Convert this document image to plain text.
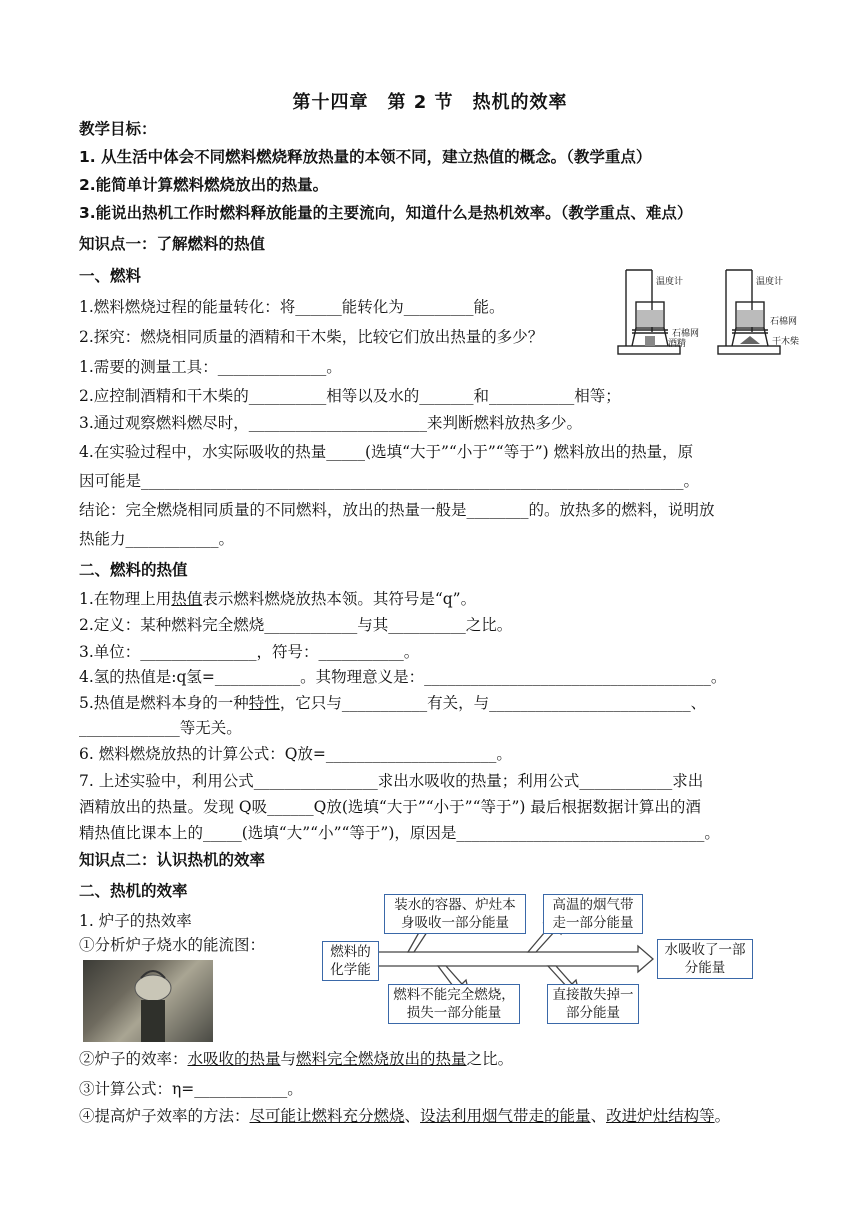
第十四章　第 2 节　热机的效率
教学目标：
1. 从生活中体会不同燃料燃烧释放热量的本领不同，建立热值的概念。（教学重点）
2.能简单计算燃料燃烧放出的热量。
3.能说出热机工作时燃料释放能量的主要流向，知道什么是热机效率。（教学重点、难点）
知识点一：了解燃料的热值
一、燃料
1.燃料燃烧过程的能量转化：将______能转化为_________能。
2.探究：燃烧相同质量的酒精和干木柴，比较它们放出热量的多少？
1.需要的测量工具：______________。
2.应控制酒精和干木柴的__________相等以及水的_______和___________相等；
3.通过观察燃料燃尽时，_______________________来判断燃料放热多少。
4.在实验过程中，水实际吸收的热量_____(选填“大于”“小于”“等于”) 燃料放出的热量，原
因可能是______________________________________________________________________。
结论：完全燃烧相同质量的不同燃料，放出的热量一般是________的。放热多的燃料，说明放
热能力____________。
温度计	温度计
石棉网
石棉网
酒精	干木柴
二、燃料的热值
1.在物理上用热值表示燃料燃烧放热本领。其符号是“q”。
2.定义：某种燃料完全燃烧____________与其__________之比。
3.单位：_______________，符号：___________。
4.氢的热值是:q氢=___________。其物理意义是：_____________________________________。
5.热值是燃料本身的一种特性，它只与___________有关，与__________________________、
_____________等无关。
6. 燃料燃烧放热的计算公式：Q放=______________________。
7. 上述实验中，利用公式________________求出水吸收的热量；利用公式____________求出
酒精放出的热量。发现 Q吸______Q放(选填“大于”“小于”“等于”) 最后根据数据计算出的酒
精热值比课本上的_____(选填“大”“小”“等于”)，原因是________________________________。
知识点二：认识热机的效率
二、热机的效率
1. 炉子的热效率
①分析炉子烧水的能流图：	燃料的化学能
装水的容器、炉灶本身吸收一部分能量
高温的烟气带走一部分能量
水吸收了一部分能量
燃料不能完全燃烧，损失一部分能量
直接散失掉一部分能量
②炉子的效率：水吸收的热量与燃料完全燃烧放出的热量之比。
③计算公式：η=____________。
④提高炉子效率的方法：尽可能让燃料充分燃烧、设法利用烟气带走的能量、改进炉灶结构等。
